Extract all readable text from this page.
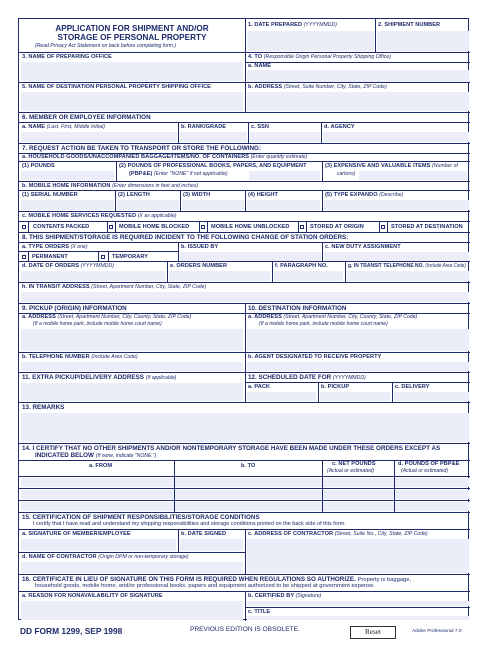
APPLICATION FOR SHIPMENT AND/OR
STORAGE OF PERSONAL PROPERTY
(Read Privacy Act Statement on back before completing form.)
1. DATE PREPARED (YYYYMMDD)	2. SHIPMENT NUMBER
3. NAME OF PREPARING OFFICE	4. TO (Responsible Origin Personal Property Shipping Office)
a. NAME
5. NAME OF DESTINATION PERSONAL PROPERTY SHIPPING OFFICE	b. ADDRESS (Street, Suite Number, City, State, ZIP Code)
6. MEMBER OR EMPLOYEE INFORMATION
a. NAME (Last, First, Middle Initial)	b. RANK/GRADE	c. SSN	d. AGENCY
7. REQUEST ACTION BE TAKEN TO TRANSPORT OR STORE THE FOLLOWING:
a. HOUSEHOLD GOODS/UNACCOMPANIED BAGGAGE/ITEMS/NO. OF CONTAINERS (Enter quantity estimate)
(1) POUNDS	(2) POUNDS OF PROFESSIONAL BOOKS, PAPERS, AND EQUIPMENT
(PBP&E) (Enter "NONE" if not applicable)
(3) EXPENSIVE AND VALUABLE ITEMS (Number of
cartons)
b. MOBILE HOME INFORMATION (Enter dimensions in feet and inches)
(1) SERIAL NUMBER	(2) LENGTH	(3) WIDTH	(4) HEIGHT	(5) TYPE EXPANDO (Describe)
c. MOBILE HOME SERVICES REQUESTED (X as applicable)
CONTENTS PACKED	MOBILE HOME BLOCKED	MOBILE HOME UNBLOCKED	STORED AT ORIGIN	STORED AT DESTINATION
8. THIS SHIPMENT/STORAGE IS REQUIRED INCIDENT TO THE FOLLOWING CHANGE OF STATION ORDERS:
a. TYPE ORDERS (X one)	b. ISSUED BY	c. NEW DUTY ASSIGNMENT
PERMANENT	TEMPORARY
d. DATE OF ORDERS (YYYYMMDD)	e. ORDERS NUMBER	f. PARAGRAPH NO.	g. IN TRANSIT TELEPHONE NO. (Include Area Code)
h. IN TRANSIT ADDRESS (Street, Apartment Number, City, State, ZIP Code)
9. PICKUP (ORIGIN) INFORMATION	10. DESTINATION INFORMATION
a. ADDRESS (Street, Apartment Number, City, County, State, ZIP Code)
(If a mobile home park, include mobile home court name)
a. ADDRESS (Street, Apartment Number, City, County, State, ZIP Code)
(If a mobile home park, include mobile home court name)
b. TELEPHONE NUMBER (Include Area Code)	b. AGENT DESIGNATED TO RECEIVE PROPERTY
11. EXTRA PICKUP/DELIVERY ADDRESS (If applicable)	12. SCHEDULED DATE FOR (YYYYMMDD)
a. PACK	b. PICKUP	c. DELIVERY
13. REMARKS
14. I CERTIFY THAT NO OTHER SHIPMENTS AND/OR NONTEMPORARY STORAGE HAVE BEEN MADE UNDER THESE ORDERS EXCEPT AS
INDICATED BELOW (If none, indicate "NONE.")
a. FROM	b. TO	c. NET POUNDS
(Actual or estimated)
d. POUNDS OF PBP&E
(Actual or estimated)
15. CERTIFICATION OF SHIPMENT RESPONSIBILITIES/STORAGE CONDITIONS
I certify that I have read and understand my shipping responsibilities and storage conditions printed on the back side of this form.
a. SIGNATURE OF MEMBER/EMPLOYEE	b. DATE SIGNED	c. ADDRESS OF CONTRACTOR (Street, Suite No., City, State, ZIP Code)
d. NAME OF CONTRACTOR (Origin DPM or non-temporary storage)
16. CERTIFICATE IN LIEU OF SIGNATURE ON THIS FORM IS REQUIRED WHEN REGULATIONS SO AUTHORIZE. Property is baggage,
household goods, mobile home, and/or professional books, papers and equipment authorized to be shipped at government expense.
a. REASON FOR NONAVAILABILITY OF SIGNATURE	b. CERTIFIED BY (Signature)
c. TITLE
DD FORM 1299, SEP 1998	PREVIOUS EDITION IS OBSOLETE.	Reset	Adobe Professional 7.0
